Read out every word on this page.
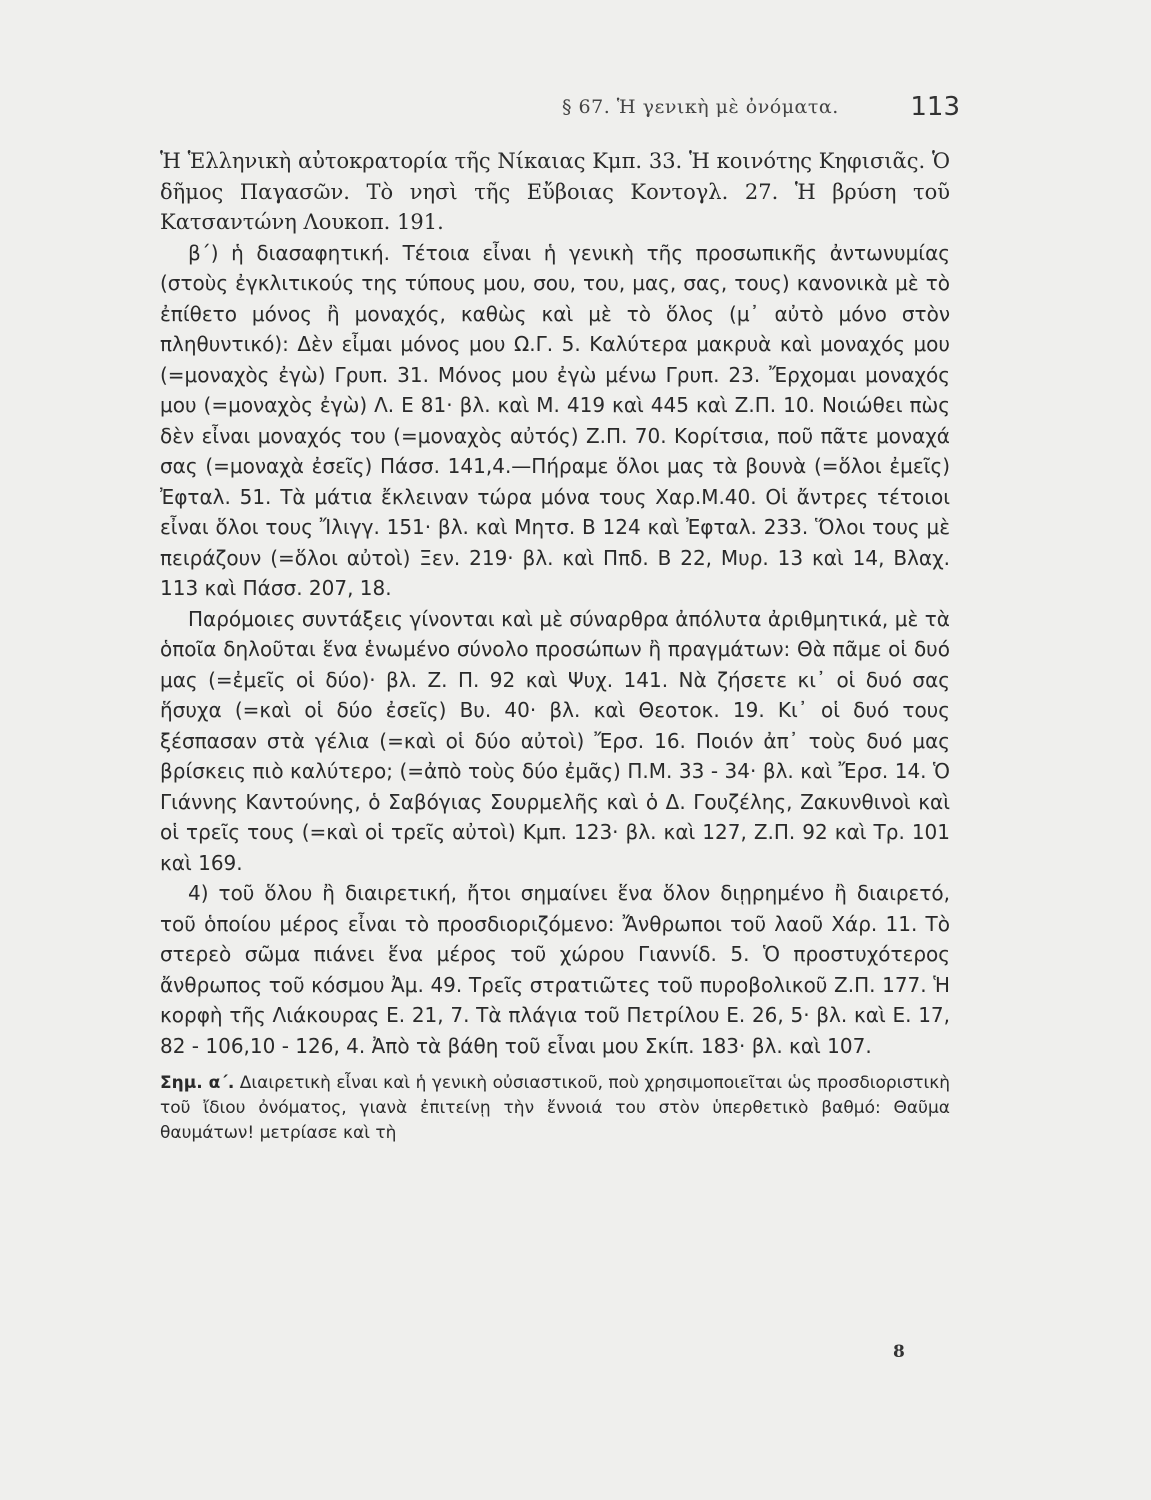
§ 67. Ἡ γενικὴ μὲ ὀνόματα.	113

Ἡ Ἑλληνικὴ αὐτοκρατορία τῆς Νίκαιας Κμπ. 33. Ἡ κοινότης Κηφισιᾶς. Ὁ δῆμος Παγασῶν. Τὸ νησὶ τῆς Εὔβοιας Κοντογλ. 27. Ἡ βρύση τοῦ Κατσαντώνη Λουκοπ. 191.

β΄) ἡ διασαφητική. Τέτοια εἶναι ἡ γενικὴ τῆς προσωπικῆς ἀντωνυμίας (στοὺς ἐγκλιτικούς της τύπους μου, σου, του, μας, σας, τους) κανονικὰ μὲ τὸ ἐπίθετο μόνος ἢ μοναχός, καθὼς καὶ μὲ τὸ ὅλος (μ᾽ αὐτὸ μόνο στὸν πληθυντικό): Δὲν εἶμαι μόνος μου Ω.Γ. 5. Καλύτερα μακρυὰ καὶ μοναχός μου (=μοναχὸς ἐγὼ) Γρυπ. 31. Μόνος μου ἐγὼ μένω Γρυπ. 23. Ἔρχομαι μοναχός μου (=μοναχὸς ἐγὼ) Λ. Ε 81· βλ. καὶ Μ. 419 καὶ 445 καὶ Ζ.Π. 10. Νοιώθει πὼς δὲν εἶναι μοναχός του (=μοναχὸς αὐτός) Ζ.Π. 70. Κορίτσια, ποῦ πᾶτε μοναχά σας (=μοναχὰ ἐσεῖς) Πάσσ. 141,4.—Πήραμε ὅλοι μας τὰ βουνὰ (=ὅλοι ἐμεῖς) Ἐφταλ. 51. Τὰ μάτια ἔκλειναν τώρα μόνα τους Χαρ.Μ.40. Οἱ ἄντρες τέτοιοι εἶναι ὅλοι τους Ἴλιγγ. 151· βλ. καὶ Μητσ. Β 124 καὶ Ἐφταλ. 233. Ὅλοι τους μὲ πειράζουν (=ὅλοι αὐτοὶ) Ξεν. 219· βλ. καὶ Ππδ. Β 22, Μυρ. 13 καὶ 14, Βλαχ. 113 καὶ Πάσσ. 207, 18.

Παρόμοιες συντάξεις γίνονται καὶ μὲ σύναρθρα ἀπόλυτα ἀριθμητικά, μὲ τὰ ὁποῖα δηλοῦται ἕνα ἑνωμένο σύνολο προσώπων ἢ πραγμάτων: Θὰ πᾶμε οἱ δυό μας (=ἐμεῖς οἱ δύο)· βλ. Ζ. Π. 92 καὶ Ψυχ. 141. Νὰ ζήσετε κι᾽ οἱ δυό σας ἥσυχα (=καὶ οἱ δύο ἐσεῖς) Βυ. 40· βλ. καὶ Θεοτοκ. 19. Κι᾽ οἱ δυό τους ξέσπασαν στὰ γέλια (=καὶ οἱ δύο αὐτοὶ) Ἔρσ. 16. Ποιόν ἀπ᾽ τοὺς δυό μας βρίσκεις πιὸ καλύτερο; (=ἀπὸ τοὺς δύο ἐμᾶς) Π.Μ. 33 - 34· βλ. καὶ Ἔρσ. 14. Ὁ Γιάννης Καντούνης, ὁ Σαβόγιας Σουρμελῆς καὶ ὁ Δ. Γουζέλης, Ζακυνθινοὶ καὶ οἱ τρεῖς τους (=καὶ οἱ τρεῖς αὐτοὶ) Κμπ. 123· βλ. καὶ 127, Ζ.Π. 92 καὶ Τρ. 101 καὶ 169.

4) τοῦ ὅλου ἢ διαιρετική, ἤτοι σημαίνει ἕνα ὅλον διῃρημένο ἢ διαιρετό, τοῦ ὁποίου μέρος εἶναι τὸ προσδιοριζόμενο: Ἄνθρωποι τοῦ λαοῦ Χάρ. 11. Τὸ στερεὸ σῶμα πιάνει ἕνα μέρος τοῦ χώρου Γιαννίδ. 5. Ὁ προστυχότερος ἄνθρωπος τοῦ κόσμου Ἀμ. 49. Τρεῖς στρατιῶτες τοῦ πυροβολικοῦ Ζ.Π. 177. Ἡ κορφὴ τῆς Λιάκουρας Ε. 21, 7. Τὰ πλάγια τοῦ Πετρίλου Ε. 26, 5· βλ. καὶ Ε. 17, 82 - 106,10 - 126, 4. Ἀπὸ τὰ βάθη τοῦ εἶναι μου Σκίπ. 183· βλ. καὶ 107.

Σημ. α΄. Διαιρετικὴ εἶναι καὶ ἡ γενικὴ οὐσιαστικοῦ, ποὺ χρησιμοποιεῖται ὡς προσδιοριστικὴ τοῦ ἴδιου ὀνόματος, γιανὰ ἐπιτείνῃ τὴν ἔννοιά του στὸν ὑπερθετικὸ βαθμό: Θαῦμα θαυμάτων! μετρίασε καὶ τὴ

8
